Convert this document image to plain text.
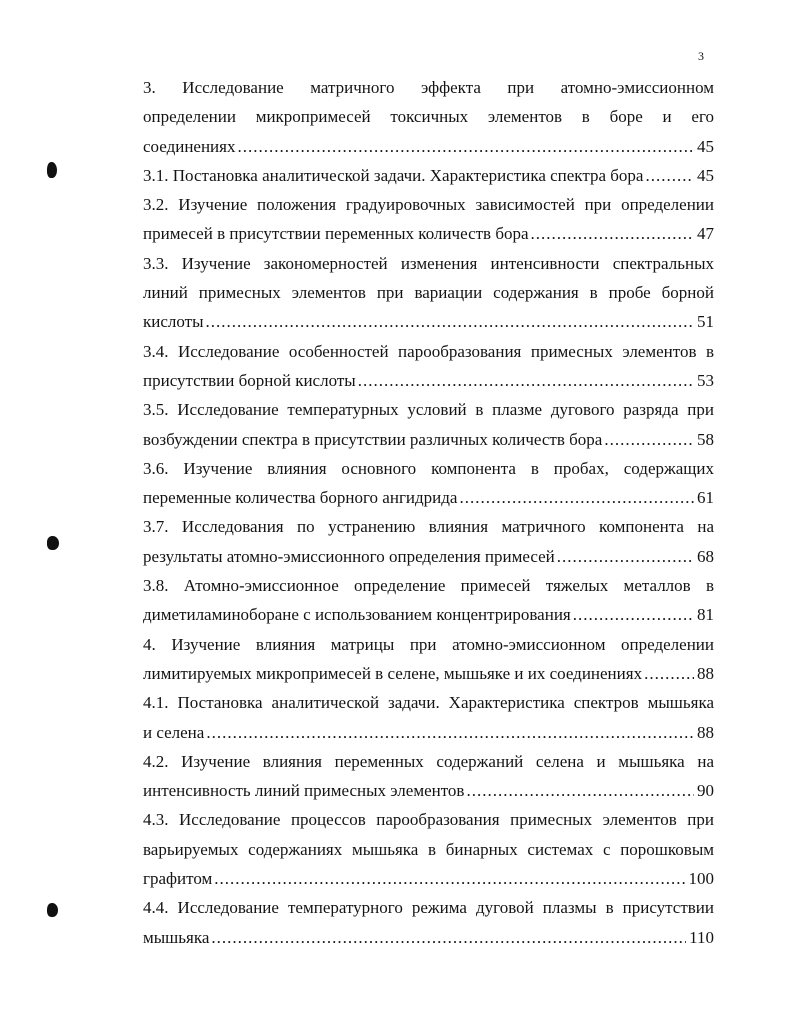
3
3. Исследование матричного эффекта при атомно-эмиссионном
определении микропримесей токсичных элементов в боре и его
соединениях .....	45
3.1. Постановка аналитической задачи. Характеристика спектра бора .....	45
3.2. Изучение положения градуировочных зависимостей при определении
примесей в присутствии переменных количеств бора .....	47
3.3. Изучение закономерностей изменения интенсивности спектральных
линий примесных элементов при вариации содержания в пробе борной
кислоты .....	51
3.4. Исследование особенностей парообразования примесных элементов в
присутствии борной кислоты .....	53
3.5. Исследование температурных условий в плазме дугового разряда при
возбуждении спектра в присутствии различных количеств бора .....	58
3.6. Изучение влияния основного компонента в пробах, содержащих
переменные количества борного ангидрида .....	61
3.7. Исследования по устранению влияния матричного компонента на
результаты атомно-эмиссионного определения примесей .....	68
3.8. Атомно-эмиссионное определение примесей тяжелых металлов в
диметиламиноборане с использованием концентрирования .....	81
4. Изучение влияния матрицы при атомно-эмиссионном определении
лимитируемых микропримесей в селене, мышьяке и их соединениях .....	88
4.1. Постановка аналитической задачи. Характеристика спектров мышьяка
и селена .....	88
4.2. Изучение влияния переменных содержаний селена и мышьяка на
интенсивность линий примесных элементов .....	90
4.3. Исследование процессов парообразования примесных элементов при
варьируемых содержаниях мышьяка в бинарных системах с порошковым
графитом .....	100
4.4. Исследование температурного режима дуговой плазмы в присутствии
мышьяка .....	110
